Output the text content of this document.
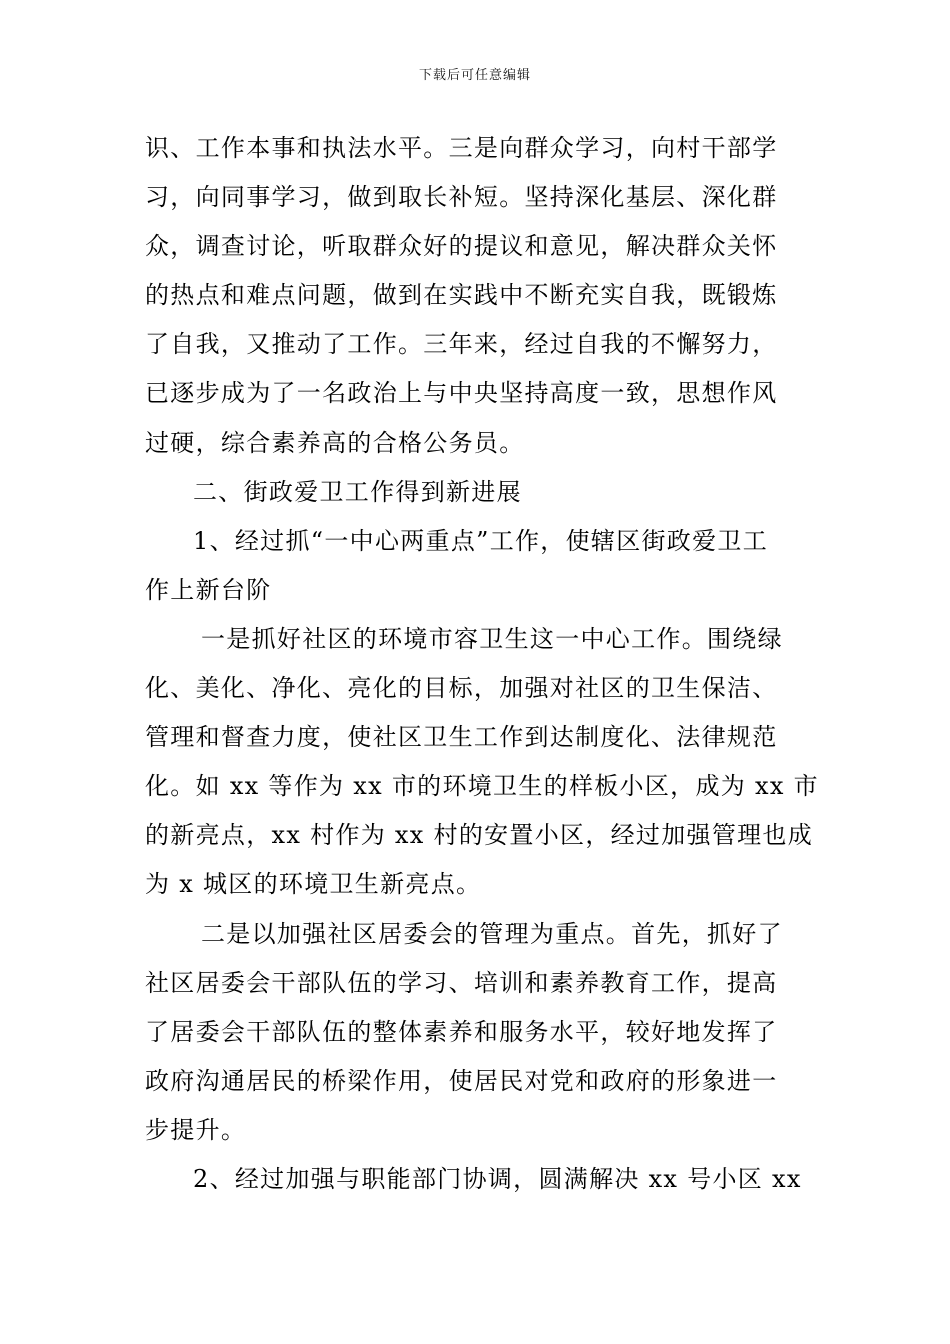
下载后可任意编辑

识、工作本事和执法水平。三是向群众学习，向村干部学

习，向同事学习，做到取长补短。坚持深化基层、深化群

众，调查讨论，听取群众好的提议和意见，解决群众关怀

的热点和难点问题，做到在实践中不断充实自我，既锻炼

了自我，又推动了工作。三年来，经过自我的不懈努力，

已逐步成为了一名政治上与中央坚持高度一致，思想作风

过硬，综合素养高的合格公务员。

二、街政爱卫工作得到新进展

1、经过抓“一中心两重点”工作，使辖区街政爱卫工

作上新台阶

一是抓好社区的环境市容卫生这一中心工作。围绕绿

化、美化、净化、亮化的目标，加强对社区的卫生保洁、

管理和督查力度，使社区卫生工作到达制度化、法律规范

化。如 xx 等作为 xx 市的环境卫生的样板小区，成为 xx 市

的新亮点，xx 村作为 xx 村的安置小区，经过加强管理也成

为 x 城区的环境卫生新亮点。

二是以加强社区居委会的管理为重点。首先，抓好了

社区居委会干部队伍的学习、培训和素养教育工作，提高

了居委会干部队伍的整体素养和服务水平，较好地发挥了

政府沟通居民的桥梁作用，使居民对党和政府的形象进一

步提升。

2、经过加强与职能部门协调，圆满解决 xx 号小区 xx
